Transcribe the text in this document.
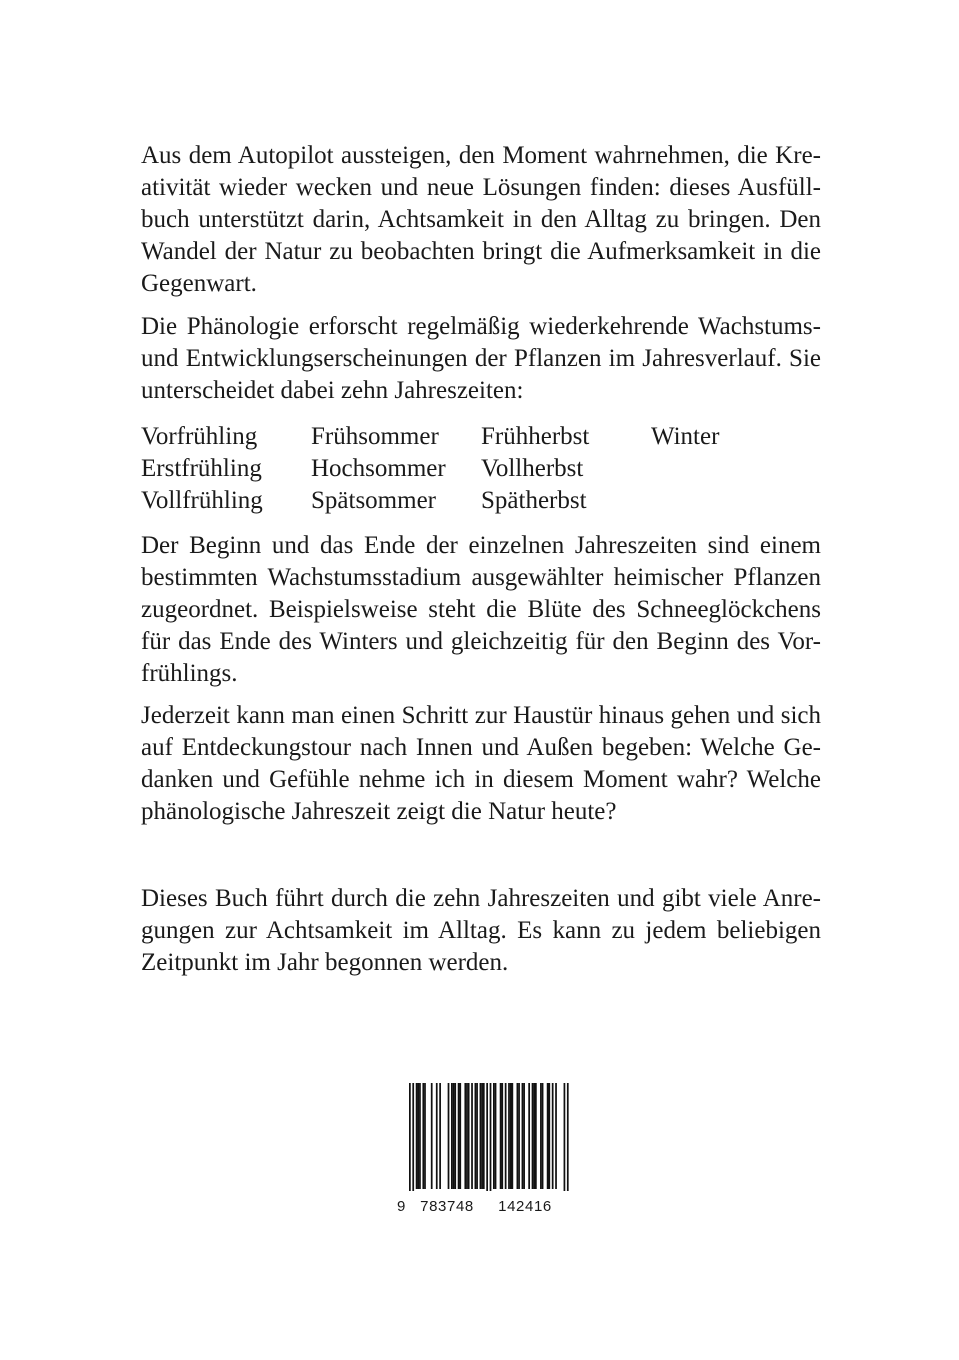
Aus dem Autopilot aussteigen, den Moment wahrnehmen, die Kre-
ativität wieder wecken und neue Lösungen finden: dieses Ausfüll-
buch unterstützt darin, Achtsamkeit in den Alltag zu bringen. Den
Wandel der Natur zu beobachten bringt die Aufmerksamkeit in die
Gegenwart.
Die Phänologie erforscht regelmäßig wiederkehrende Wachstums-
und Entwicklungserscheinungen der Pflanzen im Jahresverlauf. Sie
unterscheidet dabei zehn Jahreszeiten:
Vorfrühling	Frühsommer	Frühherbst	Winter
Erstfrühling	Hochsommer	Vollherbst
Vollfrühling	Spätsommer	Spätherbst
Der Beginn und das Ende der einzelnen Jahreszeiten sind einem
bestimmten Wachstumsstadium ausgewählter heimischer Pflanzen
zugeordnet. Beispielsweise steht die Blüte des Schneeglöckchens
für das Ende des Winters und gleichzeitig für den Beginn des Vor-
frühlings.
Jederzeit kann man einen Schritt zur Haustür hinaus gehen und sich
auf Entdeckungstour nach Innen und Außen begeben: Welche Ge-
danken und Gefühle nehme ich in diesem Moment wahr? Welche
phänologische Jahreszeit zeigt die Natur heute?
Dieses Buch führt durch die zehn Jahreszeiten und gibt viele Anre-
gungen zur Achtsamkeit im Alltag. Es kann zu jedem beliebigen
Zeitpunkt im Jahr begonnen werden.
9 783748 142416
